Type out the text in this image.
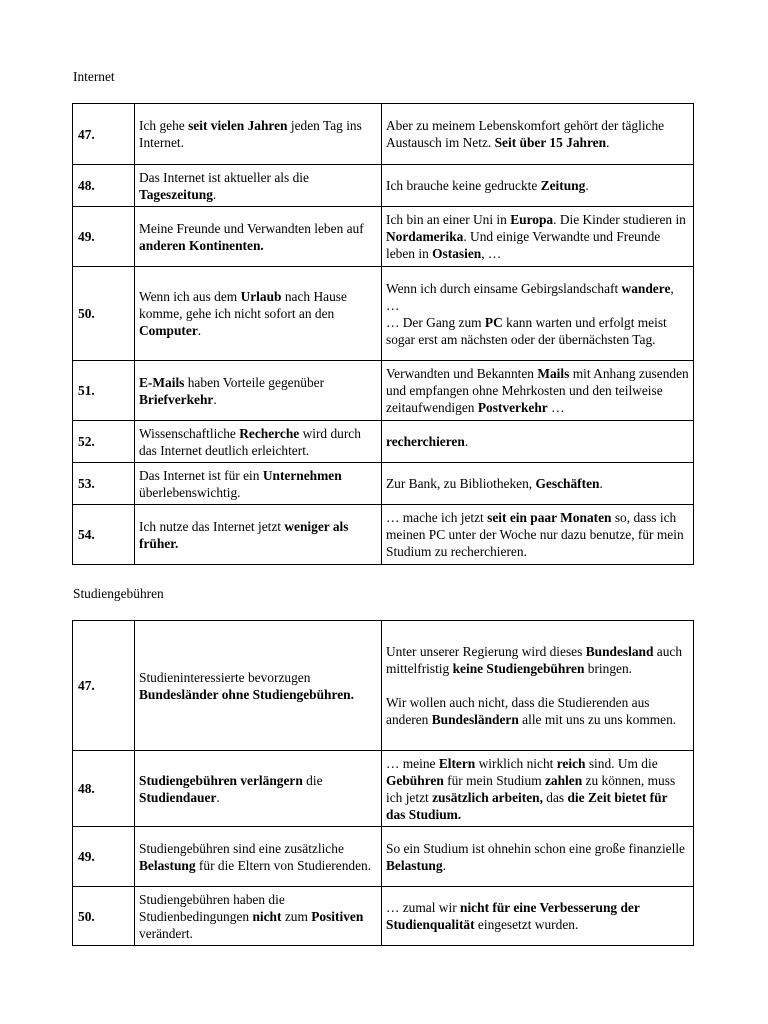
Internet
47.	Ich gehe seit vielen Jahren jeden Tag ins Internet.	Aber zu meinem Lebenskomfort gehört der tägliche Austausch im Netz. Seit über 15 Jahren.
48.	Das Internet ist aktueller als die Tageszeitung.	Ich brauche keine gedruckte Zeitung.
49.	Meine Freunde und Verwandten leben auf anderen Kontinenten.	Ich bin an einer Uni in Europa. Die Kinder studieren in Nordamerika. Und einige Verwandte und Freunde leben in Ostasien, …
50.	Wenn ich aus dem Urlaub nach Hause komme, gehe ich nicht sofort an den Computer.	Wenn ich durch einsame Gebirgslandschaft wandere, …
… Der Gang zum PC kann warten und erfolgt meist sogar erst am nächsten oder der übernächsten Tag.
51.	E-Mails haben Vorteile gegenüber Briefverkehr.	Verwandten und Bekannten Mails mit Anhang zusenden und empfangen ohne Mehrkosten und den teilweise zeitaufwendigen Postverkehr …
52.	Wissenschaftliche Recherche wird durch das Internet deutlich erleichtert.	recherchieren.
53.	Das Internet ist für ein Unternehmen überlebenswichtig.	Zur Bank, zu Bibliotheken, Geschäften.
54.	Ich nutze das Internet jetzt weniger als früher.	… mache ich jetzt seit ein paar Monaten so, dass ich meinen PC unter der Woche nur dazu benutze, für mein Studium zu recherchieren.
Studiengebühren
47.	Studieninteressierte bevorzugen Bundesländer ohne Studiengebühren.	Unter unserer Regierung wird dieses Bundesland auch mittelfristig keine Studiengebühren bringen.
Wir wollen auch nicht, dass die Studierenden aus anderen Bundesländern alle mit uns zu uns kommen.
48.	Studiengebühren verlängern die Studiendauer.	… meine Eltern wirklich nicht reich sind. Um die Gebühren für mein Studium zahlen zu können, muss ich jetzt zusätzlich arbeiten, das die Zeit bietet für das Studium.
49.	Studiengebühren sind eine zusätzliche Belastung für die Eltern von Studierenden.	So ein Studium ist ohnehin schon eine große finanzielle Belastung.
50.	Studiengebühren haben die Studienbedingungen nicht zum Positiven verändert.	… zumal wir nicht für eine Verbesserung der Studienqualität eingesetzt wurden.
